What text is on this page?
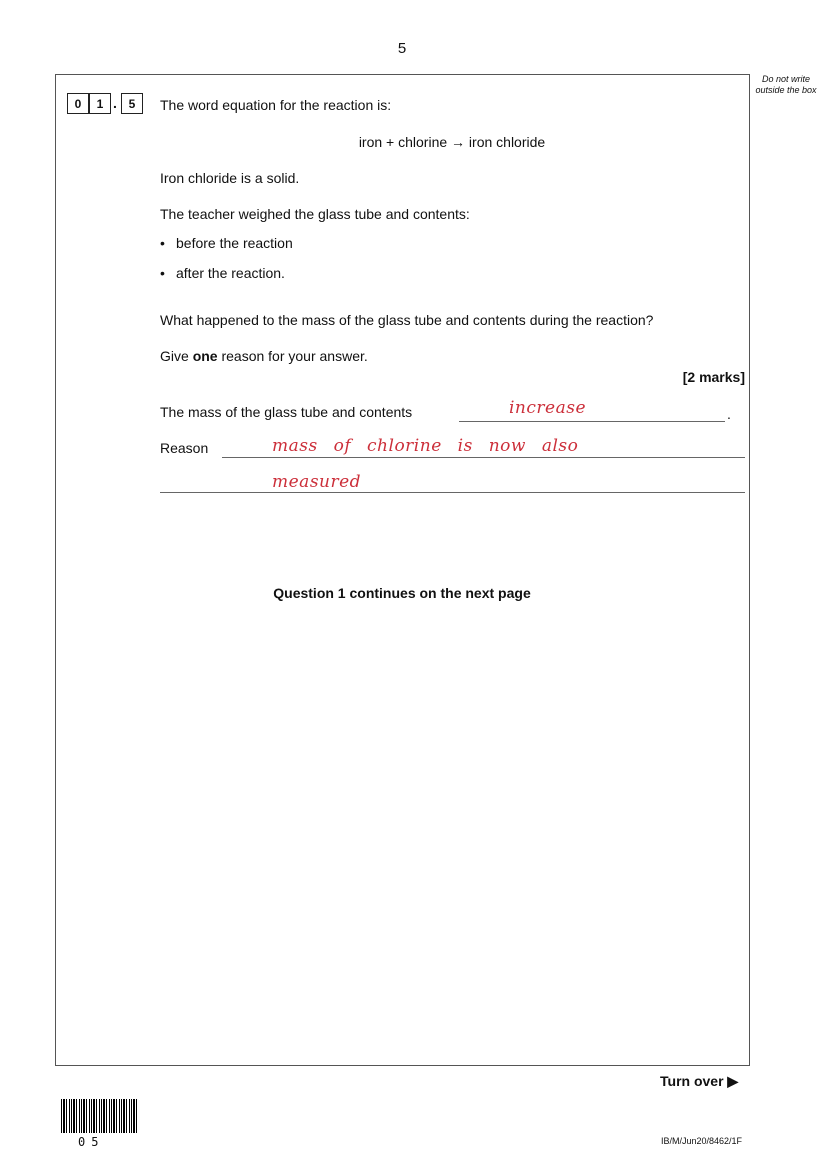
5
Do not write outside the box
0	1 . 5	The word equation for the reaction is:
iron + chlorine → iron chloride
Iron chloride is a solid.
The teacher weighed the glass tube and contents:
• before the reaction
• after the reaction.
What happened to the mass of the glass tube and contents during the reaction?
Give one reason for your answer.
[2 marks]
The mass of the glass tube and contents	.
increase
Reason	mass of chlorine is now also
measured
Question 1 continues on the next page
Turn over ▶
05	IB/M/Jun20/8462/1F
